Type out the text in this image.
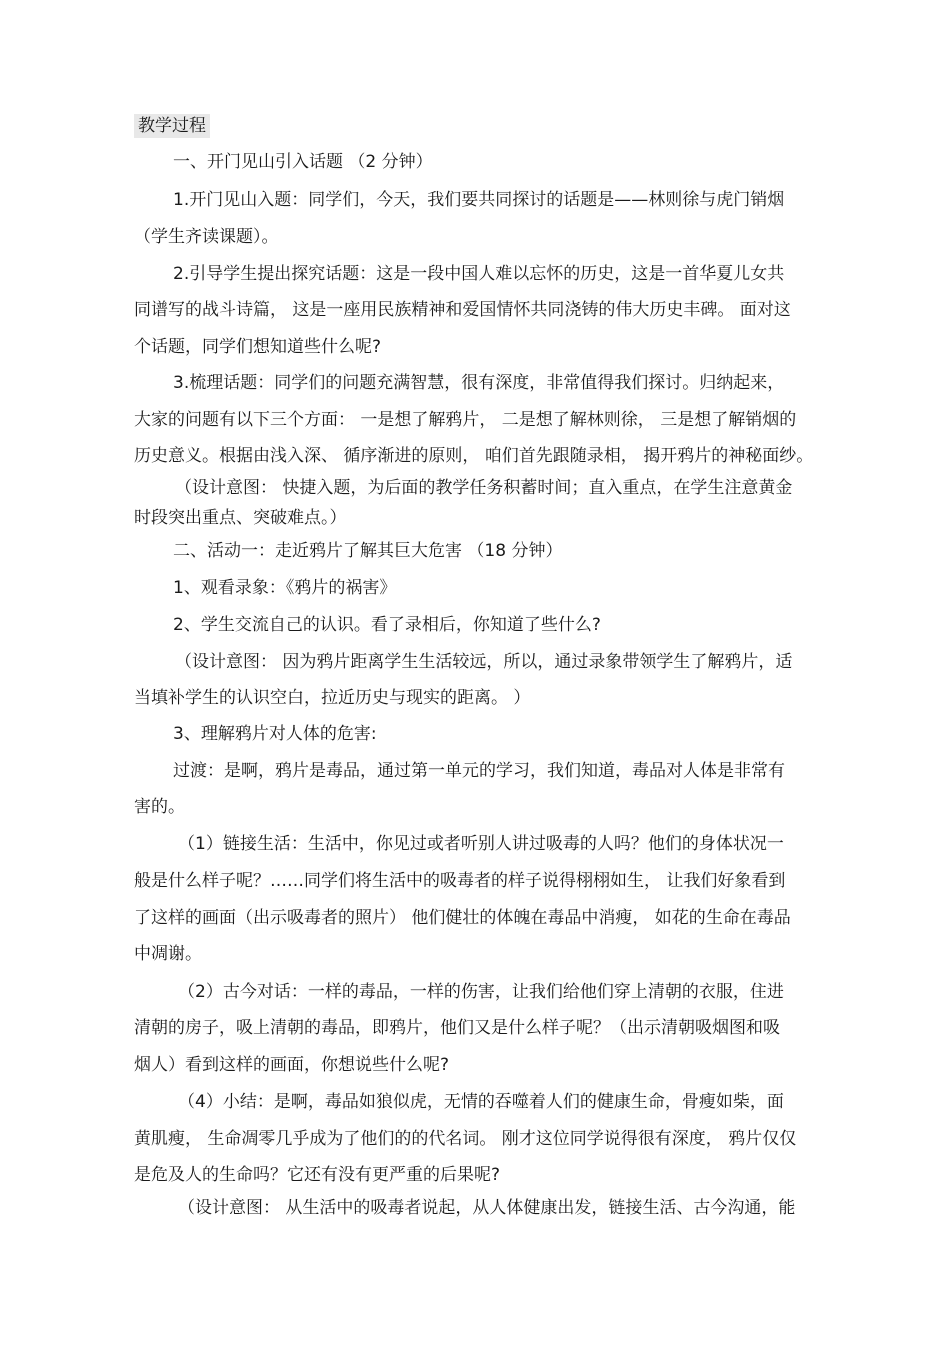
教学过程
一、开门见山引入话题 （2 分钟）
1.开门见山入题：同学们，今天，我们要共同探讨的话题是——林则徐与虎门销烟
（学生齐读课题）。
2.引导学生提出探究话题：这是一段中国人难以忘怀的历史，这是一首华夏儿女共
同谱写的战斗诗篇， 这是一座用民族精神和爱国情怀共同浇铸的伟大历史丰碑。 面对这
个话题，同学们想知道些什么呢?
3.梳理话题：同学们的问题充满智慧，很有深度，非常值得我们探讨。归纳起来，
大家的问题有以下三个方面： 一是想了解鸦片， 二是想了解林则徐， 三是想了解销烟的
历史意义。根据由浅入深、 循序渐进的原则， 咱们首先跟随录相， 揭开鸦片的神秘面纱。
（设计意图： 快捷入题，为后面的教学任务积蓄时间；直入重点，在学生注意黄金
时段突出重点、突破难点。）
二、活动一：走近鸦片了解其巨大危害 （18 分钟）
1、观看录象：《鸦片的祸害》
2、学生交流自己的认识。看了录相后，你知道了些什么?
（设计意图： 因为鸦片距离学生生活较远，所以，通过录象带领学生了解鸦片，适
当填补学生的认识空白，拉近历史与现实的距离。 ）
3、理解鸦片对人体的危害:
过渡：是啊，鸦片是毒品，通过第一单元的学习，我们知道，毒品对人体是非常有
害的。
（1）链接生活：生活中，你见过或者听别人讲过吸毒的人吗？他们的身体状况一
般是什么样子呢？……同学们将生活中的吸毒者的样子说得栩栩如生， 让我们好象看到
了这样的画面（出示吸毒者的照片） 他们健壮的体魄在毒品中消瘦， 如花的生命在毒品
中凋谢。
（2）古今对话：一样的毒品，一样的伤害，让我们给他们穿上清朝的衣服，住进
清朝的房子，吸上清朝的毒品，即鸦片，他们又是什么样子呢？（出示清朝吸烟图和吸
烟人）看到这样的画面，你想说些什么呢?
（4）小结：是啊，毒品如狼似虎，无情的吞噬着人们的健康生命，骨瘦如柴，面
黄肌瘦， 生命凋零几乎成为了他们的的代名词。 刚才这位同学说得很有深度， 鸦片仅仅
是危及人的生命吗？它还有没有更严重的后果呢?
（设计意图： 从生活中的吸毒者说起，从人体健康出发，链接生活、古今沟通，能
